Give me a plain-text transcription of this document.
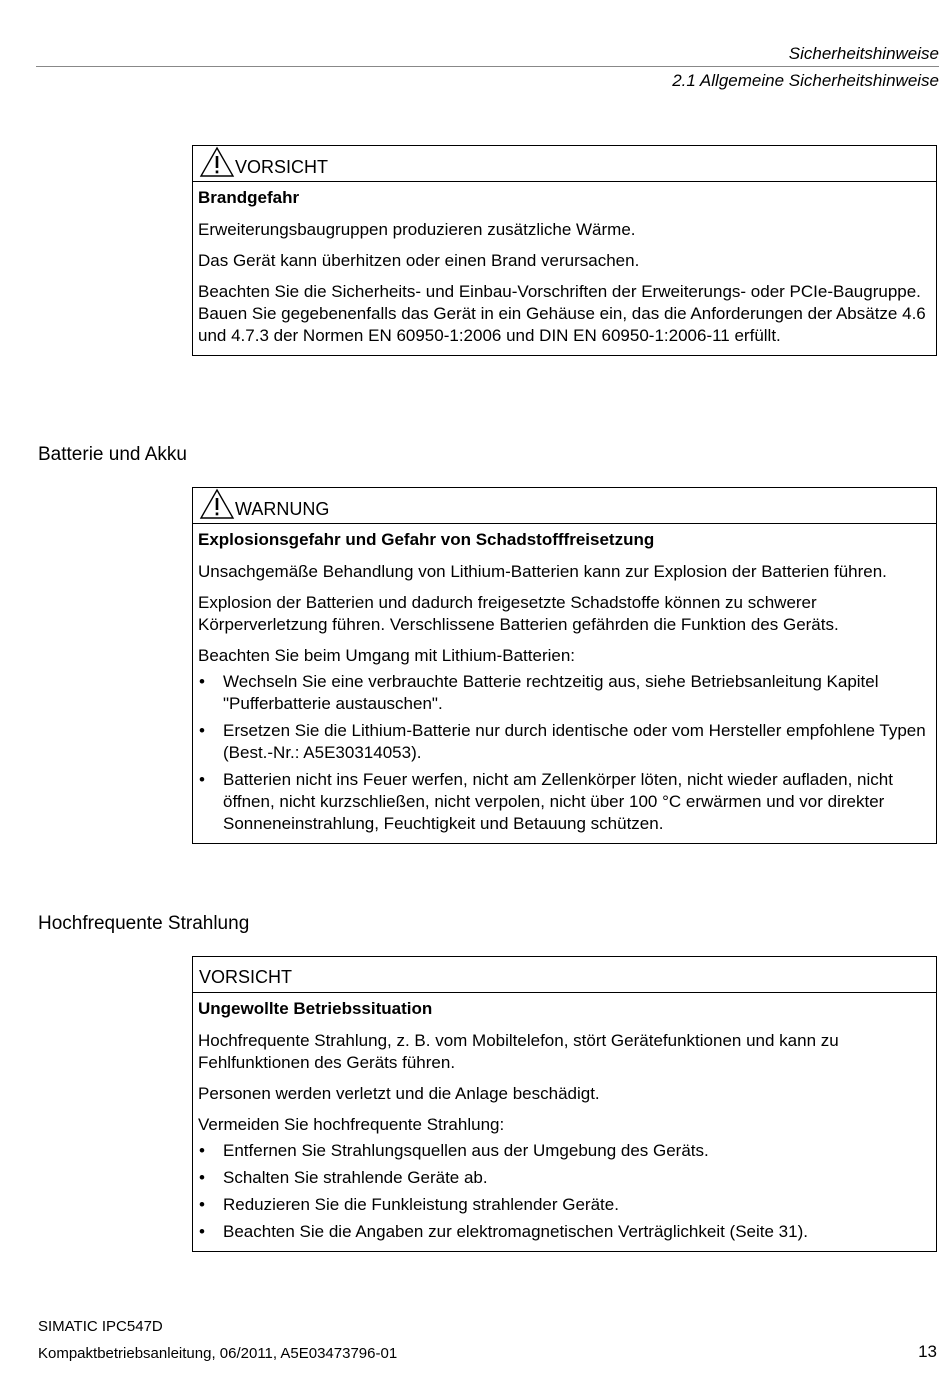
Sicherheitshinweise
2.1 Allgemeine Sicherheitshinweise
VORSICHT

Brandgefahr

Erweiterungsbaugruppen produzieren zusätzliche Wärme.

Das Gerät kann überhitzen oder einen Brand verursachen.

Beachten Sie die Sicherheits- und Einbau-Vorschriften der Erweiterungs- oder PCIe-Baugruppe. Bauen Sie gegebenenfalls das Gerät in ein Gehäuse ein, das die Anforderungen der Absätze 4.6 und 4.7.3 der Normen EN 60950-1:2006 und DIN EN 60950-1:2006-11 erfüllt.

Batterie und Akku
WARNUNG

Explosionsgefahr und Gefahr von Schadstofffreisetzung

Unsachgemäße Behandlung von Lithium-Batterien kann zur Explosion der Batterien führen.

Explosion der Batterien und dadurch freigesetzte Schadstoffe können zu schwerer Körperverletzung führen. Verschlissene Batterien gefährden die Funktion des Geräts.

Beachten Sie beim Umgang mit Lithium-Batterien:

• Wechseln Sie eine verbrauchte Batterie rechtzeitig aus, siehe Betriebsanleitung Kapitel "Pufferbatterie austauschen".
• Ersetzen Sie die Lithium-Batterie nur durch identische oder vom Hersteller empfohlene Typen (Best.-Nr.: A5E30314053).
• Batterien nicht ins Feuer werfen, nicht am Zellenkörper löten, nicht wieder aufladen, nicht öffnen, nicht kurzschließen, nicht verpolen, nicht über 100 °C erwärmen und vor direkter Sonneneinstrahlung, Feuchtigkeit und Betauung schützen.
Hochfrequente Strahlung
VORSICHT

Ungewollte Betriebssituation

Hochfrequente Strahlung, z. B. vom Mobiltelefon, stört Gerätefunktionen und kann zu Fehlfunktionen des Geräts führen.

Personen werden verletzt und die Anlage beschädigt.

Vermeiden Sie hochfrequente Strahlung:

• Entfernen Sie Strahlungsquellen aus der Umgebung des Geräts.
• Schalten Sie strahlende Geräte ab.
• Reduzieren Sie die Funkleistung strahlender Geräte.
• Beachten Sie die Angaben zur elektromagnetischen Verträglichkeit (Seite 31).
SIMATIC IPC547D
Kompaktbetriebsanleitung, 06/2011, A5E03473796-01	13
